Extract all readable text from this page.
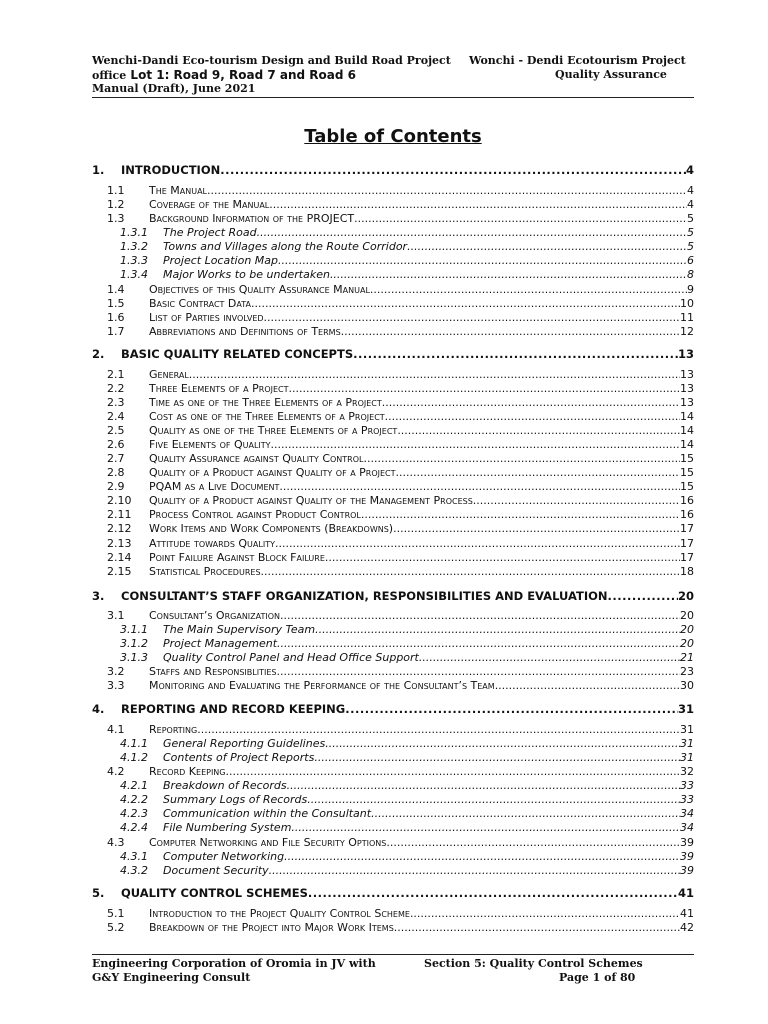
Wenchi-Dandi Eco-tourism Design and Build Road Project Wonchi - Dendi Ecotourism Project
office Lot 1: Road 9, Road 7 and Road 6	Quality Assurance
Manual (Draft), June 2021
Table of Contents
1.	INTRODUCTION .....	4
1.1	The Manual .....	4
1.2	Coverage of the Manual .....	4
1.3	Background Information of the PROJECT .....	5
1.3.1	The Project Road .....	5
1.3.2	Towns and Villages along the Route Corridor .....	5
1.3.3	Project Location Map .....	6
1.3.4	Major Works to be undertaken .....	8
1.4	Objectives of this Quality Assurance Manual .....	9
1.5	Basic Contract Data .....	10
1.6	List of Parties involved .....	11
1.7	Abbreviations and Definitions of Terms .....	12
2.	BASIC QUALITY RELATED CONCEPTS .....	13
2.1	General .....	13
2.2	Three Elements of a Project .....	13
2.3	Time as one of the Three Elements of a Project .....	13
2.4	Cost as one of the Three Elements of a Project .....	14
2.5	Quality as one of the Three Elements of a Project .....	14
2.6	Five Elements of Quality .....	14
2.7	Quality Assurance against Quality Control .....	15
2.8	Quality of a Product against Quality of a Project .....	15
2.9	PQAM as a Live Document .....	15
2.10	Quality of a Product against Quality of the Management Process .....	16
2.11	Process Control against Product Control .....	16
2.12	Work Items and Work Components (Breakdowns) .....	17
2.13	Attitude towards Quality .....	17
2.14	Point Failure Against Block Failure .....	17
2.15	Statistical Procedures .....	18
3.	CONSULTANT’S STAFF ORGANIZATION, RESPONSIBILITIES AND EVALUATION .....	20
3.1	Consultant’s Organization .....	20
3.1.1	The Main Supervisory Team .....	20
3.1.2	Project Management .....	20
3.1.3	Quality Control Panel and Head Office Support .....	21
3.2	Staffs and Responsiblities .....	23
3.3	Monitoring and Evaluating the Performance of the Consultant’s Team .....	30
4.	REPORTING AND RECORD KEEPING .....	31
4.1	Reporting .....	31
4.1.1	General Reporting Guidelines .....	31
4.1.2	Contents of Project Reports .....	31
4.2	Record Keeping .....	32
4.2.1	Breakdown of Records .....	33
4.2.2	Summary Logs of Records .....	33
4.2.3	Communication within the Consultant .....	34
4.2.4	File Numbering System .....	34
4.3	Computer Networking and File Security Options .....	39
4.3.1	Computer Networking .....	39
4.3.2	Document Security .....	39
5.	QUALITY CONTROL SCHEMES .....	41
5.1	Introduction to the Project Quality Control Scheme .....	41
5.2	Breakdown of the Project into Major Work Items .....	42
Engineering Corporation of Oromia in JV with
G&Y Engineering Consult
Section 5: Quality Control Schemes
Page 1 of 80
